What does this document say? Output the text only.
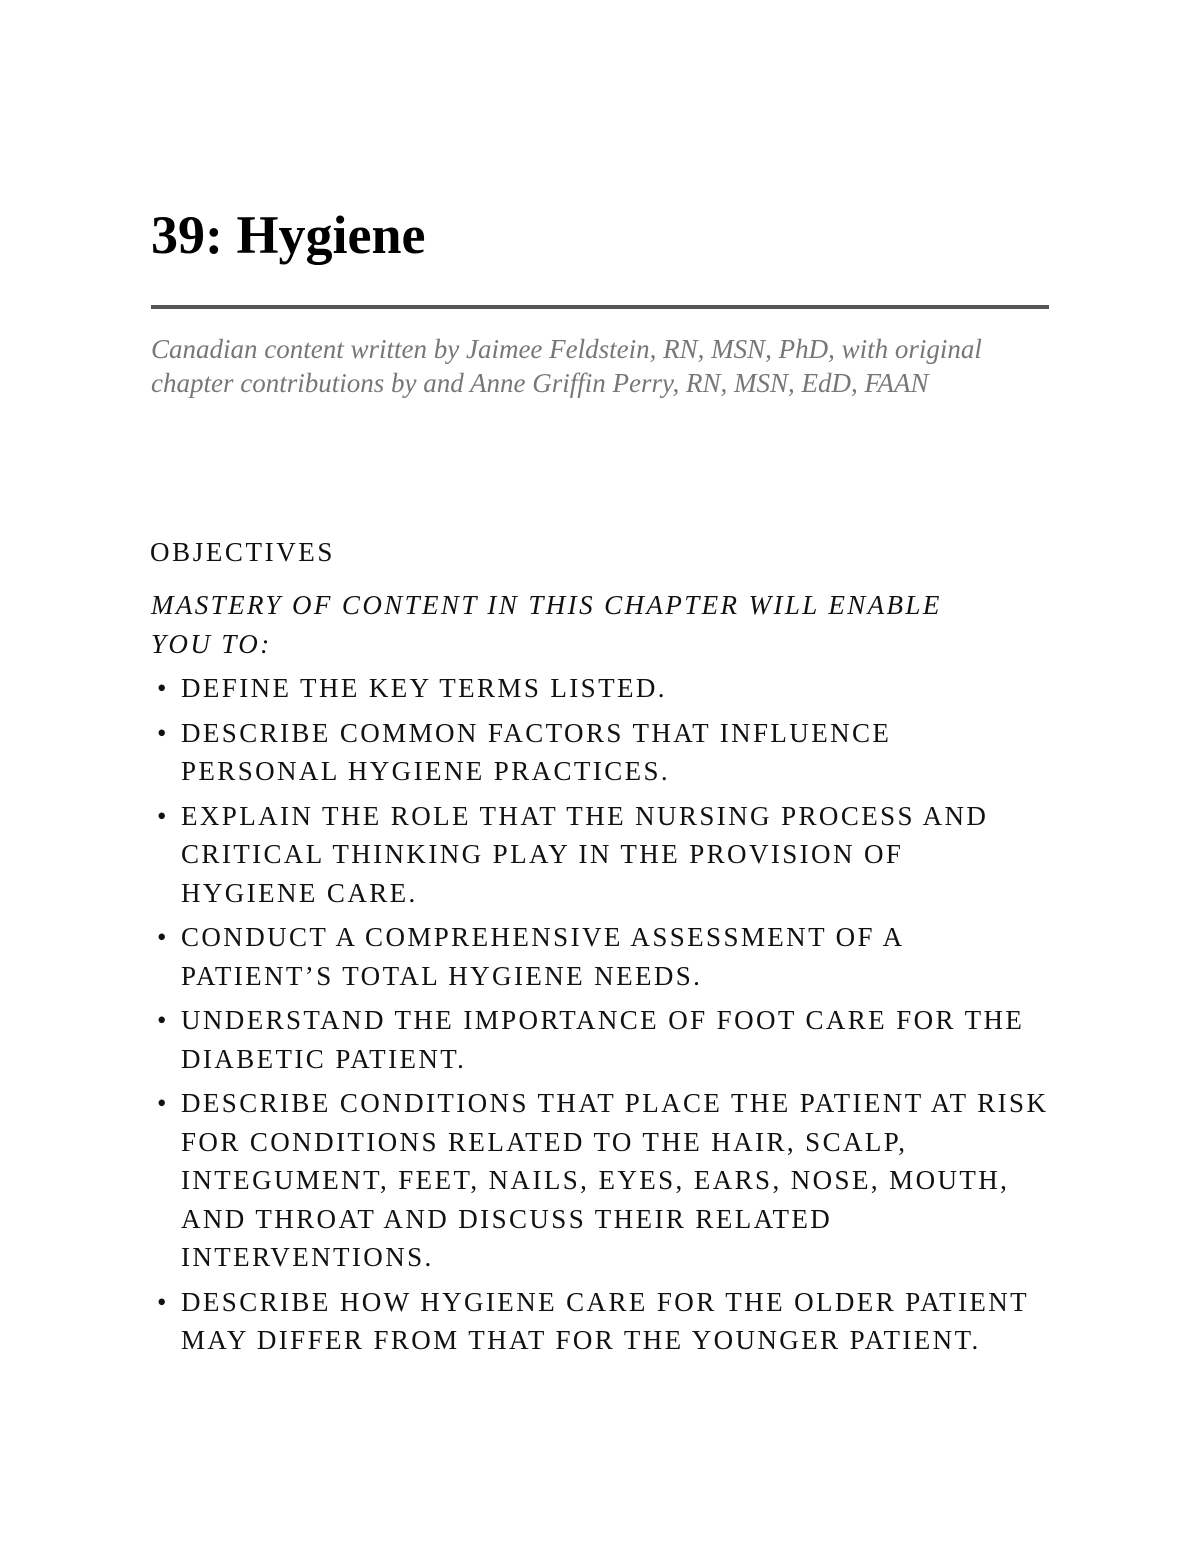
39: Hygiene

Canadian content written by Jaimee Feldstein, RN, MSN, PhD, with original chapter contributions by and Anne Griffin Perry, RN, MSN, EdD, FAAN

OBJECTIVES

MASTERY OF CONTENT IN THIS CHAPTER WILL ENABLE YOU TO:

• DEFINE THE KEY TERMS LISTED.
• DESCRIBE COMMON FACTORS THAT INFLUENCE PERSONAL HYGIENE PRACTICES.
• EXPLAIN THE ROLE THAT THE NURSING PROCESS AND CRITICAL THINKING PLAY IN THE PROVISION OF HYGIENE CARE.
• CONDUCT A COMPREHENSIVE ASSESSMENT OF A PATIENT’S TOTAL HYGIENE NEEDS.
• UNDERSTAND THE IMPORTANCE OF FOOT CARE FOR THE DIABETIC PATIENT.
• DESCRIBE CONDITIONS THAT PLACE THE PATIENT AT RISK FOR CONDITIONS RELATED TO THE HAIR, SCALP, INTEGUMENT, FEET, NAILS, EYES, EARS, NOSE, MOUTH, AND THROAT AND DISCUSS THEIR RELATED INTERVENTIONS.
• DESCRIBE HOW HYGIENE CARE FOR THE OLDER PATIENT MAY DIFFER FROM THAT FOR THE YOUNGER PATIENT.
